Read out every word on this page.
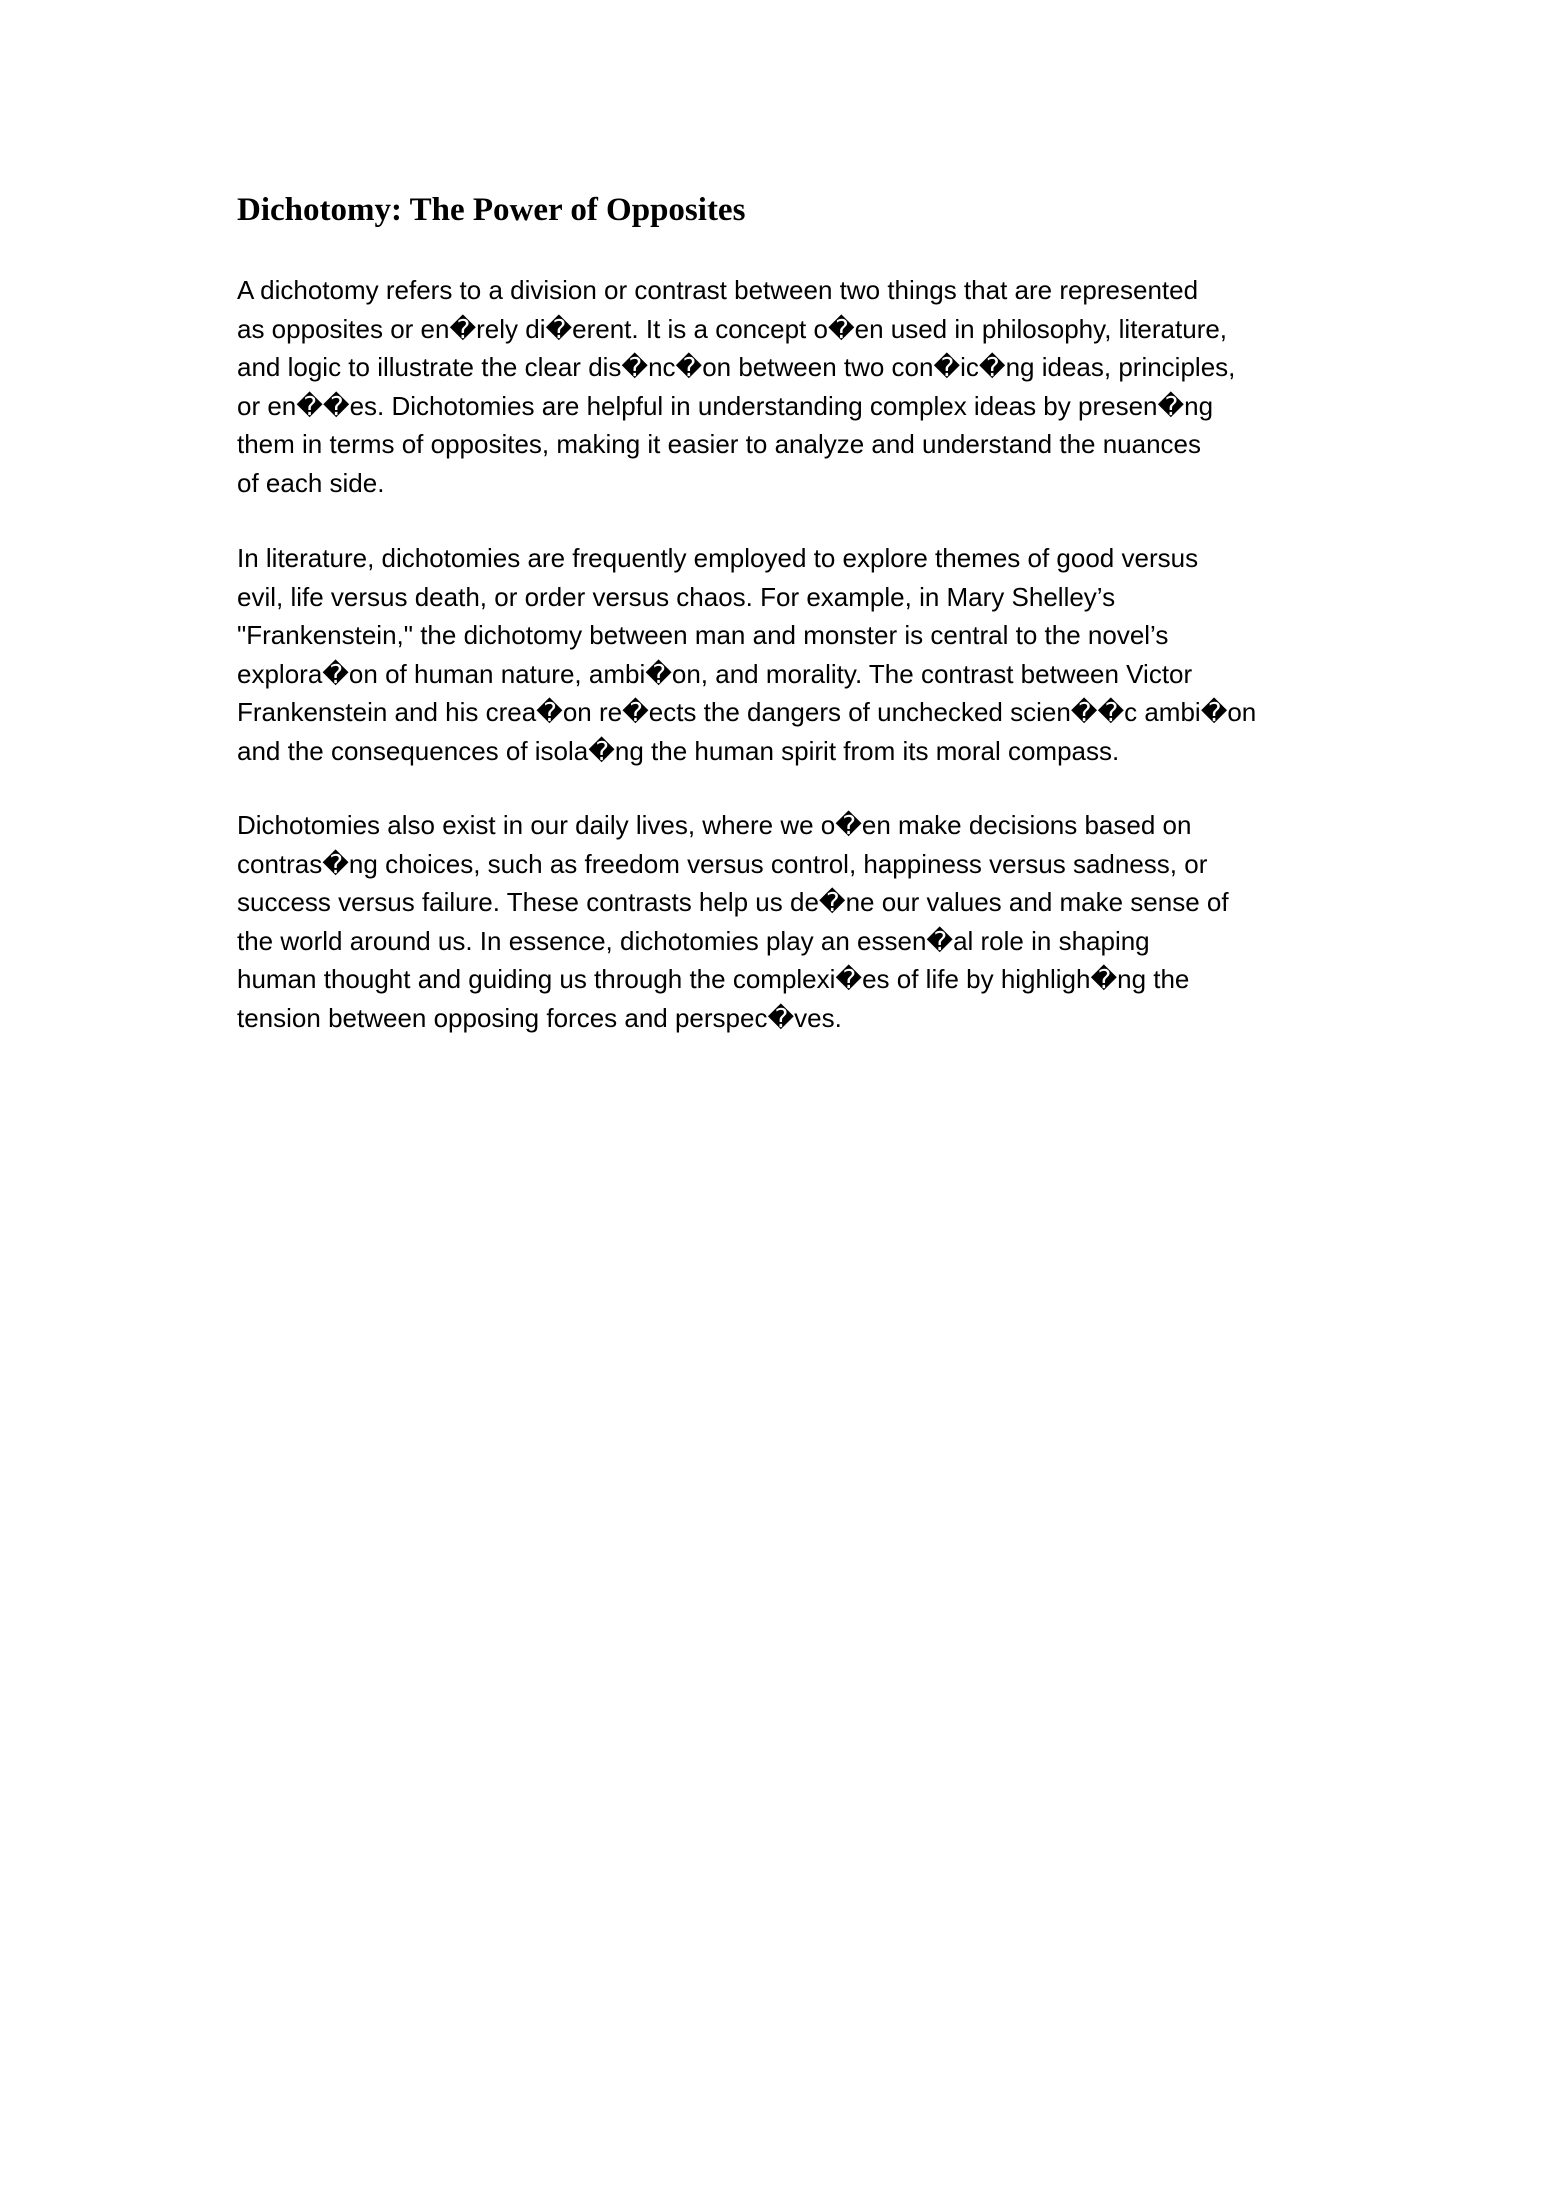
Dichotomy: The Power of Opposites

A dichotomy refers to a division or contrast between two things that are represented
as opposites or en�rely di�erent. It is a concept o�en used in philosophy, literature,
and logic to illustrate the clear dis�nc�on between two con�ic�ng ideas, principles,
or en��es. Dichotomies are helpful in understanding complex ideas by presen�ng
them in terms of opposites, making it easier to analyze and understand the nuances
of each side.

In literature, dichotomies are frequently employed to explore themes of good versus
evil, life versus death, or order versus chaos. For example, in Mary Shelley’s
"Frankenstein," the dichotomy between man and monster is central to the novel’s
explora�on of human nature, ambi�on, and morality. The contrast between Victor
Frankenstein and his crea�on re�ects the dangers of unchecked scien��c ambi�on
and the consequences of isola�ng the human spirit from its moral compass.

Dichotomies also exist in our daily lives, where we o�en make decisions based on
contras�ng choices, such as freedom versus control, happiness versus sadness, or
success versus failure. These contrasts help us de�ne our values and make sense of
the world around us. In essence, dichotomies play an essen�al role in shaping
human thought and guiding us through the complexi�es of life by highligh�ng the
tension between opposing forces and perspec�ves.
